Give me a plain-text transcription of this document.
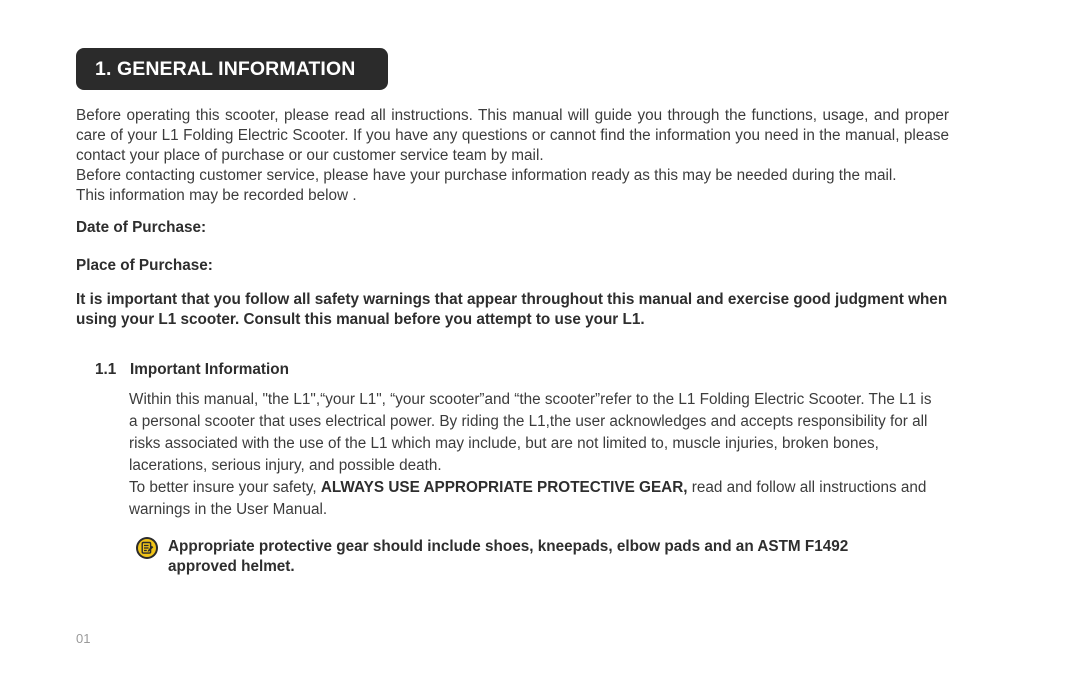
1. GENERAL INFORMATION

Before operating this scooter, please read all instructions. This manual will guide you through the functions, usage, and proper care of your L1 Folding Electric Scooter. If you have any questions or cannot find the information you need in the manual, please contact your place of purchase or our customer service team by mail.

Before contacting customer service, please have your purchase information ready as this may be needed during the mail.

This information may be recorded below .

Date of Purchase:
Place of Purchase:
It is important that you follow all safety warnings that appear throughout this manual and exercise good judgment when using your L1 scooter. Consult this manual before you attempt to use your L1.
1.1 Important Information

Within this manual, "the L1",“your L1", “your scooter”and “the scooter”refer to the L1 Folding Electric Scooter. The L1 is a personal scooter that uses electrical power. By riding the L1,the user acknowledges and accepts responsibility for all risks associated with the use of the L1 which may include, but are not limited to, muscle injuries, broken bones, lacerations, serious injury, and possible death.

To better insure your safety, ALWAYS USE APPROPRIATE PROTECTIVE GEAR, read and follow all instructions and warnings in the User Manual.

Appropriate protective gear should include shoes, kneepads, elbow pads and an ASTM F1492 approved helmet.
01
